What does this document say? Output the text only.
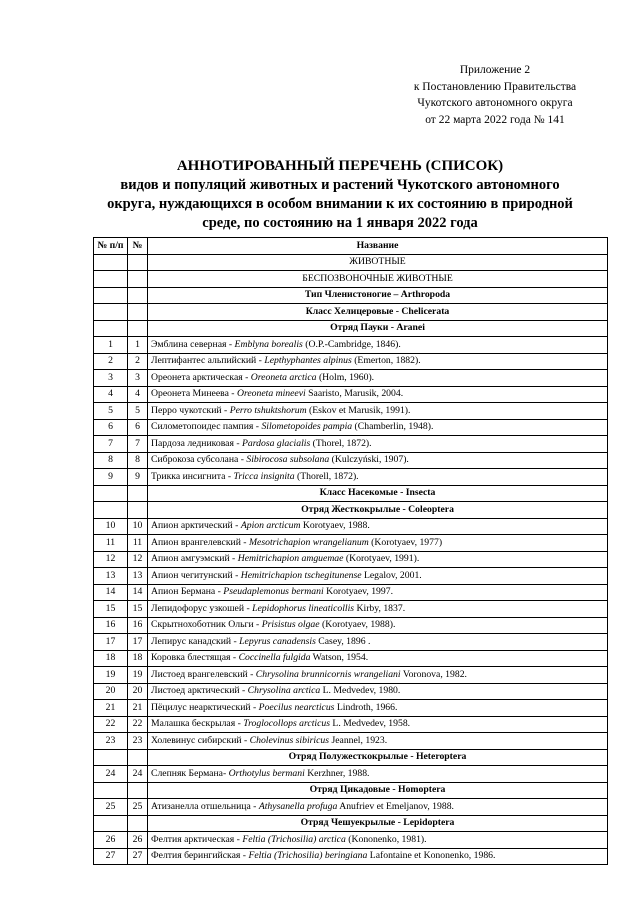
Приложение 2
к Постановлению Правительства
Чукотского автономного округа
от 22 марта 2022 года № 141
АННОТИРОВАННЫЙ ПЕРЕЧЕНЬ (СПИСОК)
видов и популяций животных и растений Чукотского автономного
округа, нуждающихся в особом внимании к их состоянию в природной
среде, по состоянию на 1 января 2022 года
№ п/п	№	Название
		ЖИВОТНЫЕ
		БЕСПОЗВОНОЧНЫЕ ЖИВОТНЫЕ
		Тип Членистоногие – Arthropoda
		Класс Хелицеровые - Chelicerata
		Отряд Пауки - Aranei
1	1	Эмблина северная - Emblyna borealis (O.P.-Cambridge, 1846).
2	2	Лептифантес альпийский - Lepthyphantes alpinus (Emerton, 1882).
3	3	Ореонета арктическая - Oreoneta arctica (Holm, 1960).
4	4	Ореонета Минеева - Oreoneta mineevi Saaristo, Marusik, 2004.
5	5	Перро чукотский - Perro tshuktshorum (Eskov et Marusik, 1991).
6	6	Силометопоидес пампия - Silometopoides pampia (Chamberlin, 1948).
7	7	Пардоза ледниковая - Pardosa glacialis (Thorel, 1872).
8	8	Сиброкоза субсолана - Sibirocosa subsolana (Kulczyński, 1907).
9	9	Трикка инсигнита - Tricca insignita (Thorell, 1872).
		Класс Насекомые - Insecta
		Отряд Жесткокрылые - Coleoptera
10	10	Апион арктический - Apion arcticum Korotyaev, 1988.
11	11	Апион врангелевский - Mesotrichapion wrangelianum (Korotyaev, 1977)
12	12	Апион амгуэмский - Hemitrichapion amguemae (Korotyaev, 1991).
13	13	Апион чегитунский - Hemitrichapion tschegitunense Legalov, 2001.
14	14	Апион Бермана - Pseudaplemonus bermani Korotyaev, 1997.
15	15	Лепидофорус узкошей - Lepidophorus lineaticollis Kirby, 1837.
16	16	Скрытнохоботник Ольги - Prisistus olgae (Korotyaev, 1988).
17	17	Лепирус канадский - Lepyrus canadensis Casey, 1896 .
18	18	Коровка блестящая - Coccinella fulgida Watson, 1954.
19	19	Листоед врангелевский - Chrysolina brunnicornis wrangeliani Voronova, 1982.
20	20	Листоед арктический - Chrysolina arctica L. Medvedev, 1980.
21	21	Пёцилус неарктический - Poecilus nearcticus Lindroth, 1966.
22	22	Малашка бескрылая - Troglocollops arcticus L. Medvedev, 1958.
23	23	Холевинус сибирский - Cholevinus sibiricus Jeannel, 1923.
		Отряд Полужесткокрылые - Heteroptera
24	24	Слепняк Бермана- Orthotylus bermani Kerzhner, 1988.
		Отряд Цикадовые - Homoptera
25	25	Атизанелла отшельница - Athysanella profuga Anufriev et Emeljanov, 1988.
		Отряд Чешуекрылые - Lepidoptera
26	26	Фелтия арктическая - Feltia (Trichosilia) arctica (Kononenko, 1981).
27	27	Фелтия берингийская - Feltia (Trichosilia) beringiana Lafontaine et Kononenko, 1986.
